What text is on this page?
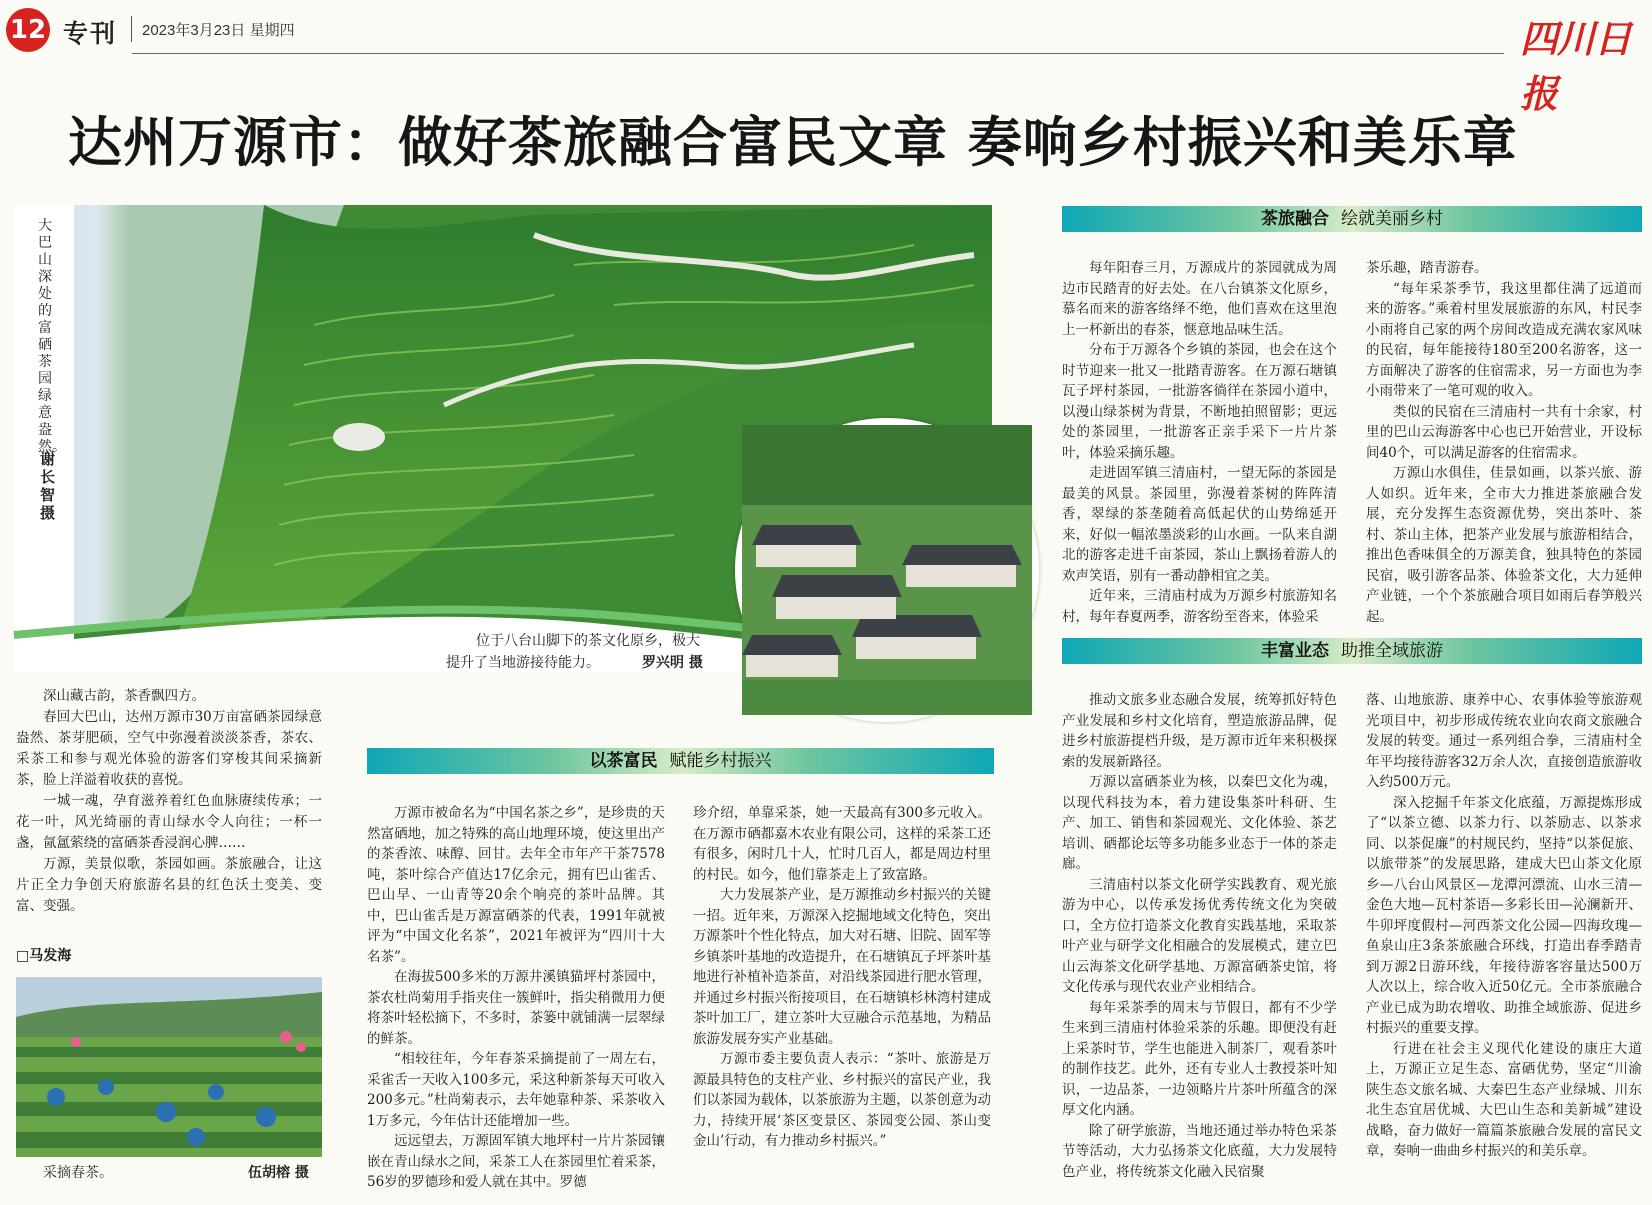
12 专刊 2023年3月23日 星期四	四川日报
达州万源市：做好茶旅融合富民文章 奏响乡村振兴和美乐章
大巴山深处的富硒茶园绿意盎然。
谢长智 摄
位于八台山脚下的茶文化原乡，极大
提升了当地游接待能力。	罗兴明 摄

深山藏古韵，茶香飘四方。

春回大巴山，达州万源市30万亩富硒茶园绿意盎然、茶芽肥硕，空气中弥漫着淡淡茶香，茶农、采茶工和参与观光体验的游客们穿梭其间采摘新茶，脸上洋溢着收获的喜悦。

一城一魂，孕育滋养着红色血脉赓续传承；一花一叶，风光绮丽的青山绿水令人向往；一杯一盏，氤氲萦绕的富硒茶香浸润心脾……

万源，美景似歌，茶园如画。茶旅融合，让这片正全力争创天府旅游名县的红色沃土变美、变富、变强。

□马发海
采摘春茶。	伍胡榕 摄
以茶富民 赋能乡村振兴

万源市被命名为“中国名茶之乡”，是珍贵的天然富硒地，加之特殊的高山地理环境，使这里出产的茶香浓、味醇、回甘。去年全市年产干茶7578吨，茶叶综合产值达17亿余元，拥有巴山雀舌、巴山早、一山青等20余个响亮的茶叶品牌。其中，巴山雀舌是万源富硒茶的代表，1991年就被评为“中国文化名茶”，2021年被评为“四川十大名茶”。

在海拔500多米的万源井溪镇猫坪村茶园中，茶农杜尚菊用手指夹住一簇鲜叶，指尖稍微用力便将茶叶轻松摘下，不多时，茶篓中就铺满一层翠绿的鲜茶。

“相较往年，今年春茶采摘提前了一周左右，采雀舌一天收入100多元，采这种新茶每天可收入200多元。”杜尚菊表示，去年她靠种茶、采茶收入1万多元，今年估计还能增加一些。

远远望去，万源固军镇大地坪村一片片茶园镶嵌在青山绿水之间，采茶工人在茶园里忙着采茶，56岁的罗德珍和爱人就在其中。罗德

珍介绍，单靠采茶，她一天最高有300多元收入。在万源市硒都嘉木农业有限公司，这样的采茶工还有很多，闲时几十人，忙时几百人，都是周边村里的村民。如今，他们靠茶走上了致富路。

大力发展茶产业，是万源推动乡村振兴的关键一招。近年来，万源深入挖掘地域文化特色，突出万源茶叶个性化特点，加大对石塘、旧院、固军等乡镇茶叶基地的改造提升，在石塘镇瓦子坪茶叶基地进行补植补造茶苗，对沿线茶园进行肥水管理，并通过乡村振兴衔接项目，在石塘镇杉林湾村建成茶叶加工厂，建立茶叶大豆融合示范基地，为精品旅游发展夯实产业基础。

万源市委主要负责人表示：“茶叶、旅游是万源最具特色的支柱产业、乡村振兴的富民产业，我们以茶园为载体，以茶旅游为主题，以茶创意为动力，持续开展‘茶区变景区、茶园变公园、茶山变金山’行动，有力推动乡村振兴。”

茶旅融合 绘就美丽乡村

每年阳春三月，万源成片的茶园就成为周边市民踏青的好去处。在八台镇茶文化原乡，慕名而来的游客络绎不绝，他们喜欢在这里泡上一杯新出的春茶，惬意地品味生活。

分布于万源各个乡镇的茶园，也会在这个时节迎来一批又一批踏青游客。在万源石塘镇瓦子坪村茶园，一批游客徜徉在茶园小道中，以漫山绿茶树为背景，不断地拍照留影；更远处的茶园里，一批游客正亲手采下一片片茶叶，体验采摘乐趣。

走进固军镇三清庙村，一望无际的茶园是最美的风景。茶园里，弥漫着茶树的阵阵清香，翠绿的茶垄随着高低起伏的山势绵延开来，好似一幅浓墨淡彩的山水画。一队来自湖北的游客走进千亩茶园，茶山上飘扬着游人的欢声笑语，别有一番动静相宜之美。

近年来，三清庙村成为万源乡村旅游知名村，每年春夏两季，游客纷至沓来，体验采

茶乐趣，踏青游春。

“每年采茶季节，我这里都住满了远道而来的游客。”乘着村里发展旅游的东风，村民李小雨将自己家的两个房间改造成充满农家风味的民宿，每年能接待180至200名游客，这一方面解决了游客的住宿需求，另一方面也为李小雨带来了一笔可观的收入。

类似的民宿在三清庙村一共有十余家，村里的巴山云海游客中心也已开始营业，开设标间40个，可以满足游客的住宿需求。

万源山水俱佳，佳景如画，以茶兴旅、游人如织。近年来，全市大力推进茶旅融合发展，充分发挥生态资源优势，突出茶叶、茶村、茶山主体，把茶产业发展与旅游相结合，推出色香味俱全的万源美食，独具特色的茶园民宿，吸引游客品茶、体验茶文化，大力延伸产业链，一个个茶旅融合项目如雨后春笋般兴起。

丰富业态 助推全域旅游

推动文旅多业态融合发展，统筹抓好特色产业发展和乡村文化培育，塑造旅游品牌，促进乡村旅游提档升级，是万源市近年来积极探索的发展新路径。

万源以富硒茶业为核，以秦巴文化为魂，以现代科技为本，着力建设集茶叶科研、生产、加工、销售和茶园观光、文化体验、茶艺培训、硒都论坛等多功能多业态于一体的茶走廊。

三清庙村以茶文化研学实践教育、观光旅游为中心，以传承发扬优秀传统文化为突破口，全方位打造茶文化教育实践基地，采取茶叶产业与研学文化相融合的发展模式，建立巴山云海茶文化研学基地、万源富硒茶史馆，将文化传承与现代农业产业相结合。

每年采茶季的周末与节假日，都有不少学生来到三清庙村体验采茶的乐趣。即便没有赶上采茶时节，学生也能进入制茶厂，观看茶叶的制作技艺。此外，还有专业人士教授茶叶知识，一边品茶，一边领略片片茶叶所蕴含的深厚文化内涵。

除了研学旅游，当地还通过举办特色采茶节等活动，大力弘扬茶文化底蕴，大力发展特色产业，将传统茶文化融入民宿聚

落、山地旅游、康养中心、农事体验等旅游观光项目中，初步形成传统农业向农商文旅融合发展的转变。通过一系列组合拳，三清庙村全年平均接待游客32万余人次，直接创造旅游收入约500万元。

深入挖掘千年茶文化底蕴，万源提炼形成了“以茶立德、以茶力行、以茶励志、以茶求同、以茶促廉”的村规民约，坚持“以茶促旅、以旅带茶”的发展思路，建成大巴山茶文化原乡—八台山风景区—龙潭河漂流、山水三清—金色大地—瓦村茶语—多彩长田—沁澜新开、牛卯坪度假村—河西茶文化公园—四海玫瑰—鱼泉山庄3条茶旅融合环线，打造出春季踏青到万源2日游环线，年接待游客容量达500万人次以上，综合收入近50亿元。全市茶旅融合产业已成为助农增收、助推全域旅游、促进乡村振兴的重要支撑。

行进在社会主义现代化建设的康庄大道上，万源正立足生态、富硒优势，坚定“川渝陕生态文旅名城、大秦巴生态产业绿城、川东北生态宜居优城、大巴山生态和美新城”建设战略，奋力做好一篇篇茶旅融合发展的富民文章，奏响一曲曲乡村振兴的和美乐章。
